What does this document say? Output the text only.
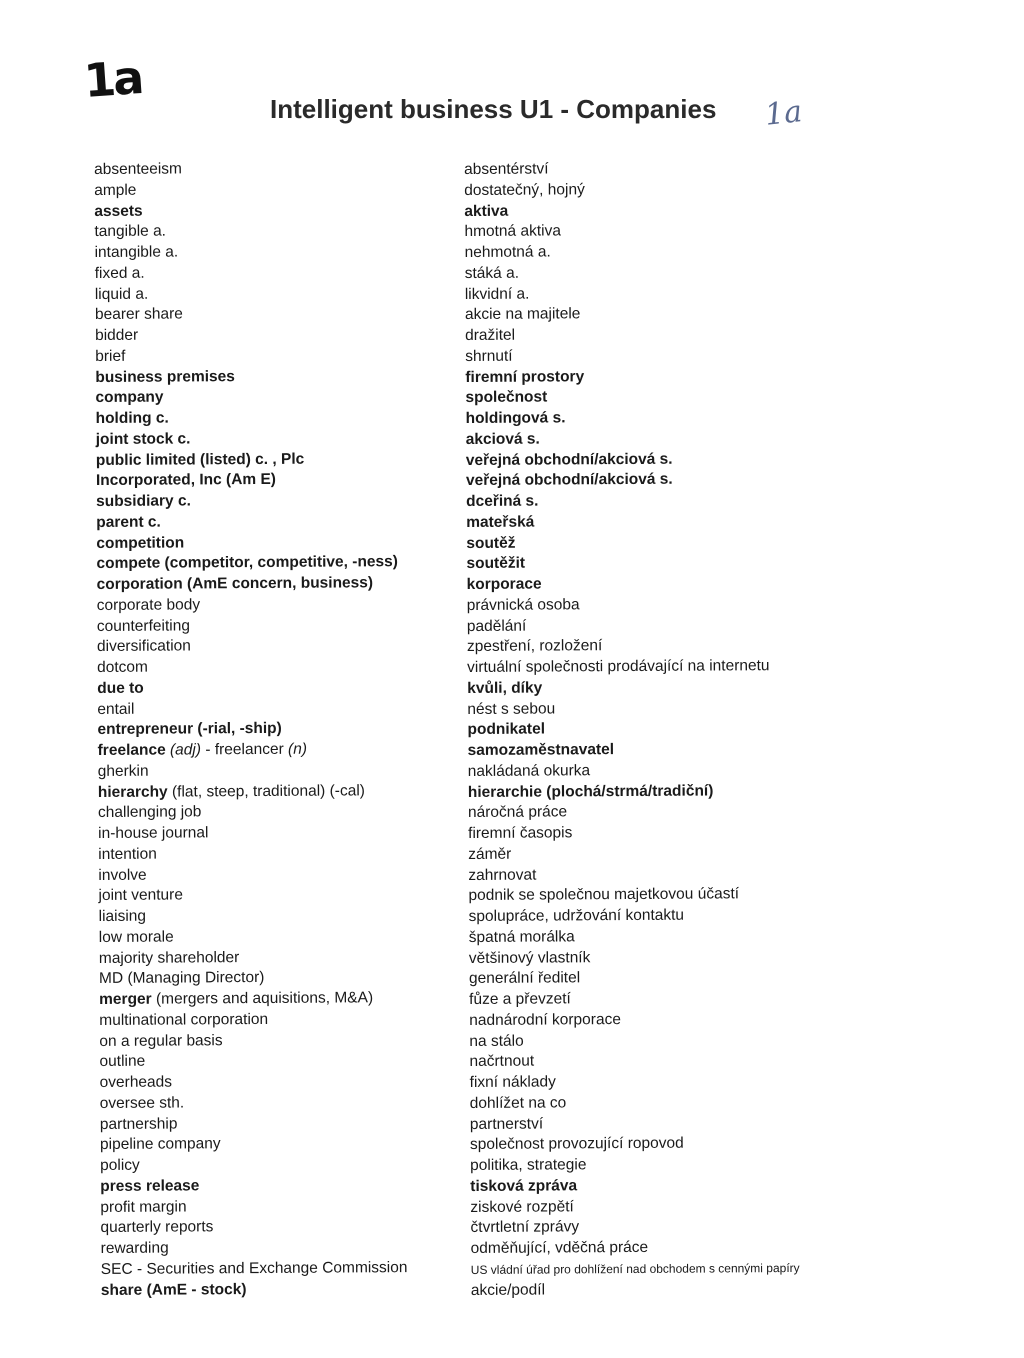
1a
Intelligent business U1 - Companies 1a
absenteeism
ample
assets
tangible a.
intangible a.
fixed a.
liquid a.
bearer share
bidder
brief
business premises
company
holding c.
joint stock c.
public limited (listed) c. , Plc
Incorporated, Inc (Am E)
subsidiary c.
parent c.
competition
compete (competitor, competitive, -ness)
corporation (AmE concern, business)
corporate body
counterfeiting
diversification
dotcom
due to
entail
entrepreneur (-rial, -ship)
freelance (adj) - freelancer (n)
gherkin
hierarchy (flat, steep, traditional) (-cal)
challenging job
in-house journal
intention
involve
joint venture
liaising
low morale
majority shareholder
MD (Managing Director)
merger (mergers and aquisitions, M&A)
multinational corporation
on a regular basis
outline
overheads
oversee sth.
partnership
pipeline company
policy
press release
profit margin
quarterly reports
rewarding
SEC - Securities and Exchange Commission
share (AmE - stock)
absentérství
dostatečný, hojný
aktiva
hmotná aktiva
nehmotná a.
stáká a.
likvidní a.
akcie na majitele
dražitel
shrnutí
firemní prostory
společnost
holdingová s.
akciová s.
veřejná obchodní/akciová s.
veřejná obchodní/akciová s.
dceřiná s.
mateřská
soutěž
soutěžit
korporace
právnická osoba
padělání
zpestření, rozložení
virtuální společnosti prodávající na internetu
kvůli, díky
nést s sebou
podnikatel
samozaměstnavatel
nakládaná okurka
hierarchie (plochá/strmá/tradiční)
náročná práce
firemní časopis
záměr
zahrnovat
podnik se společnou majetkovou účastí
spolupráce, udržování kontaktu
špatná morálka
většinový vlastník
generální ředitel
fůze a převzetí
nadnárodní korporace
na stálo
načrtnout
fixní náklady
dohlížet na co
partnerství
společnost provozující ropovod
politika, strategie
tisková zpráva
ziskové rozpětí
čtvrtletní zprávy
odměňující, vděčná práce
US vládní úřad pro dohlížení nad obchodem s cennými papíry
akcie/podíl
